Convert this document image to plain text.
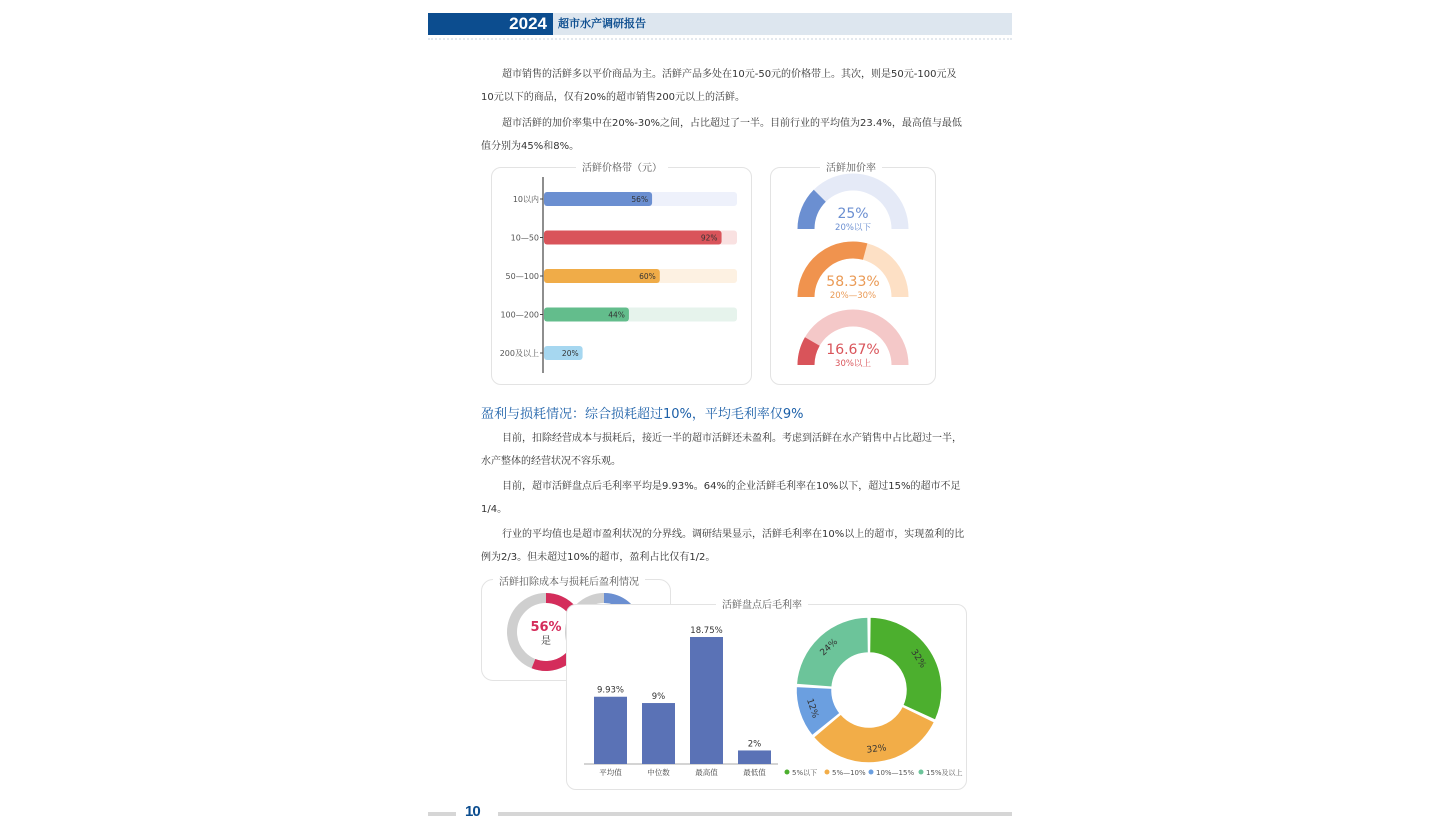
2024	超市水产调研报告

超市销售的活鲜多以平价商品为主。活鲜产品多处在10元-50元的价格带上。其次，则是50元-100元及10元以下的商品，仅有20%的超市销售200元以上的活鲜。

超市活鲜的加价率集中在20%-30%之间，占比超过了一半。目前行业的平均值为23.4%，最高值与最低值分别为45%和8%。

活鲜价格带（元）
56%
10以内
92%
10—50
60%
50—100
44%
100—200
20%
200及以上
活鲜加价率
25%
20%以下
58.33%
20%—30%
16.67%
30%以上
盈利与损耗情况：综合损耗超过10%，平均毛利率仅9%

目前，扣除经营成本与损耗后，接近一半的超市活鲜还未盈利。考虑到活鲜在水产销售中占比超过一半，水产整体的经营状况不容乐观。

目前，超市活鲜盘点后毛利率平均是9.93%。64%的企业活鲜毛利率在10%以下，超过15%的超市不足1/4。

行业的平均值也是超市盈利状况的分界线。调研结果显示，活鲜毛利率在10%以上的超市，实现盈利的比例为2/3。但未超过10%的超市，盈利占比仅有1/2。

活鲜扣除成本与损耗后盈利情况
56%
是
活鲜盘点后毛利率
9.93%
平均值
9%
中位数
18.75%
最高值
2%
最低值
32%
32%
12%
24%
5%以下 5%—10% 10%—15% 15%及以上
10
